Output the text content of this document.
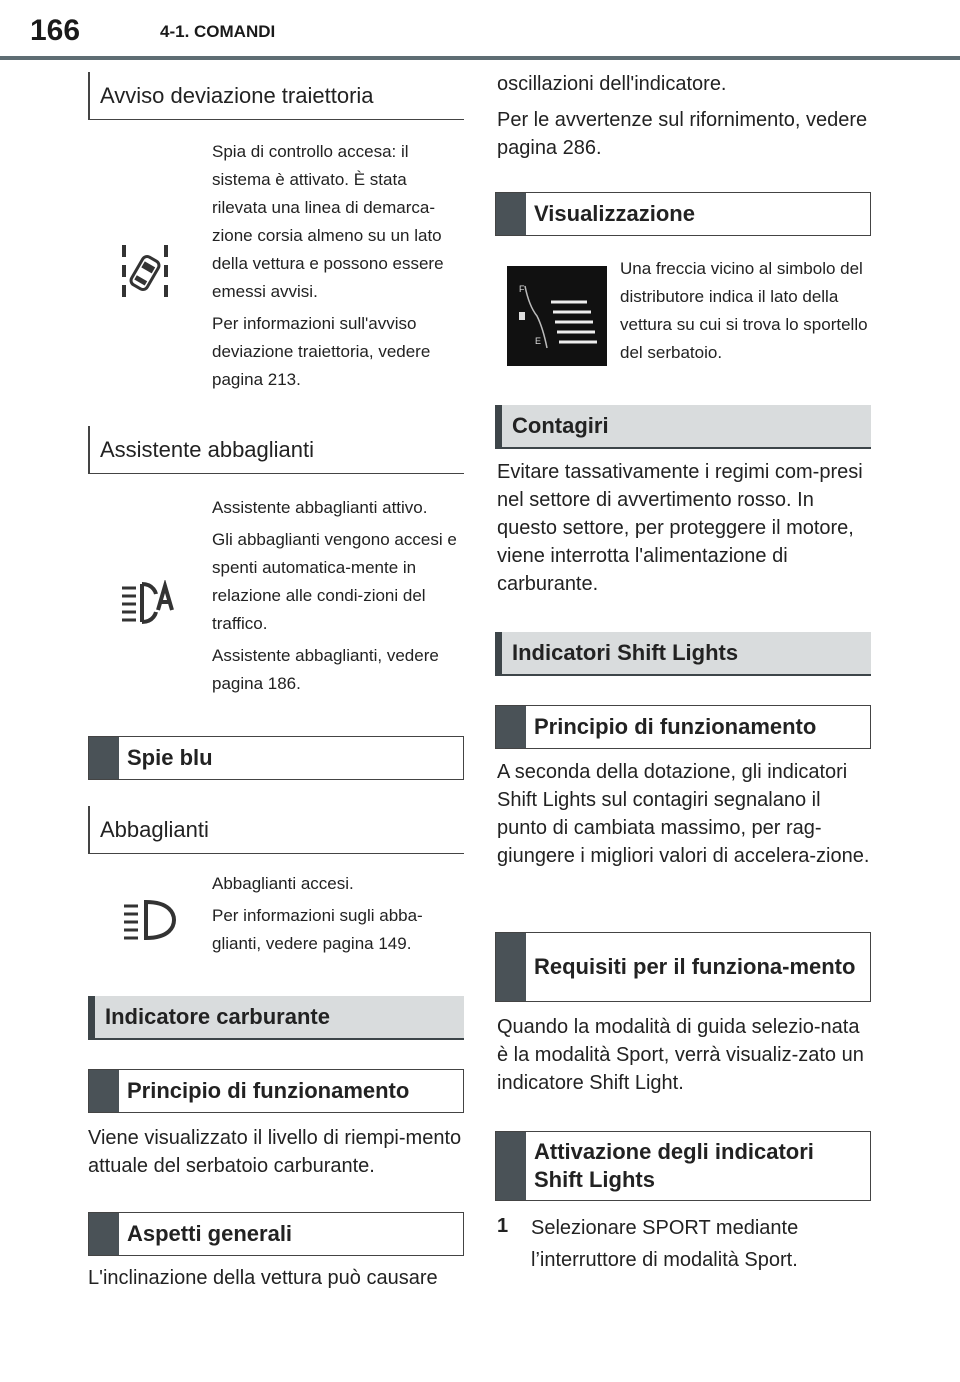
166	4-1. COMANDI
Avviso deviazione traiettoria

Spia di controllo accesa: il sistema è attivato. È stata rilevata una linea di demarca-zione corsia almeno su un lato della vettura e possono essere emessi avvisi.

Per informazioni sull'avviso deviazione traiettoria, vedere pagina 213.

Assistente abbaglianti

Assistente abbaglianti attivo.

Gli abbaglianti vengono accesi e spenti automatica-mente in relazione alle condi-zioni del traffico.

Assistente abbaglianti, vedere pagina 186.

Spie blu
Abbaglianti

Abbaglianti accesi.

Per informazioni sugli abba-glianti, vedere pagina 149.

Indicatore carburante
Principio di funzionamento

Viene visualizzato il livello di riempi-mento attuale del serbatoio carburante.

Aspetti generali

L'inclinazione della vettura può causare

oscillazioni dell'indicatore.

Per le avvertenze sul rifornimento, vedere pagina 286.

Visualizzazione
F
E

Una freccia vicino al simbolo del distributore indica il lato della vettura su cui si trova lo sportello del serbatoio.

Contagiri

Evitare tassativamente i regimi com-presi nel settore di avvertimento rosso. In questo settore, per proteggere il motore, viene interrotta l'alimentazione di carburante.

Indicatori Shift Lights
Principio di funzionamento

A seconda della dotazione, gli indicatori Shift Lights sul contagiri segnalano il punto di cambiata massimo, per rag-giungere i migliori valori di accelera-zione.

Requisiti per il funziona-mento

Quando la modalità di guida selezio-nata è la modalità Sport, verrà visualiz-zato un indicatore Shift Light.

Attivazione degli indicatori Shift Lights
1 Selezionare SPORT mediante l’interruttore di modalità Sport.
